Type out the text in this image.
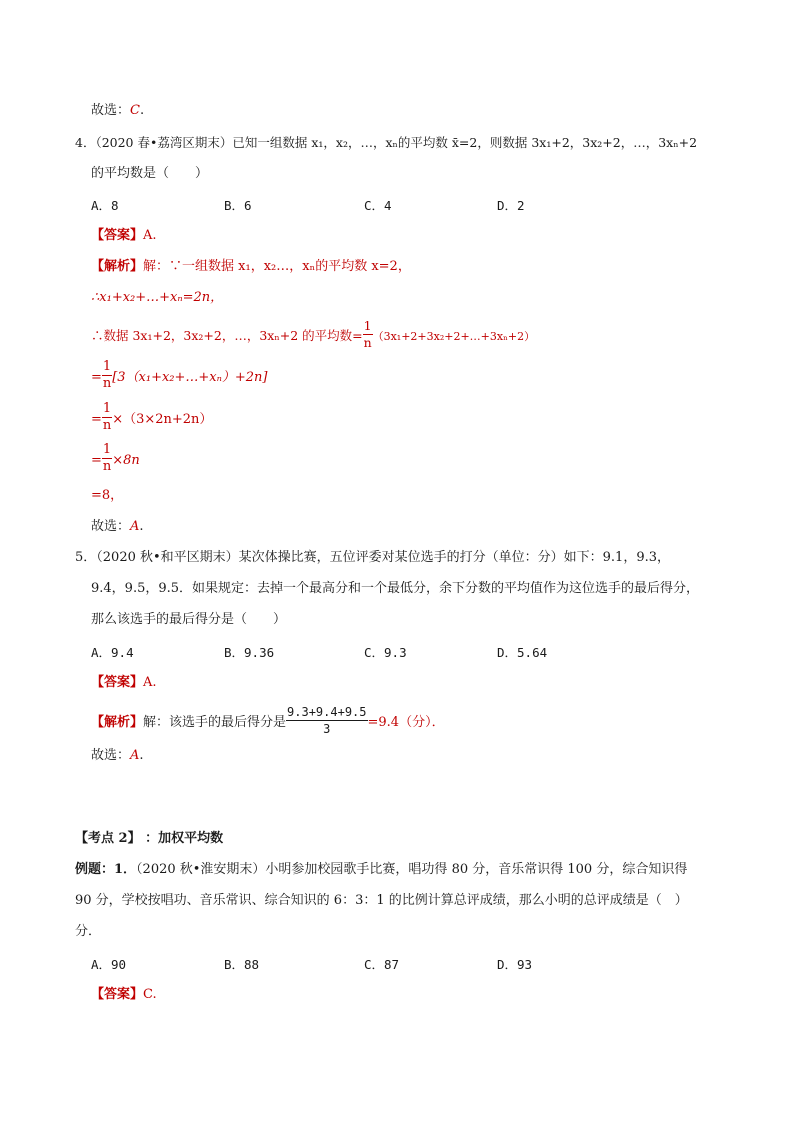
故选：C.
4．（2020 春•荔湾区期末）已知一组数据 x₁，x₂，…，xₙ的平均数 x̄=2，则数据 3x₁+2，3x₂+2，…，3xₙ+2
的平均数是（　　）
A．8	B．6	C．4	D．2
【答案】A.
【解析】解：∵一组数据 x₁，x₂…，xₙ的平均数 x=2，
∴x₁+x₂+…+xₙ=2n，
∴数据 3x₁+2，3x₂+2，…，3xₙ+2 的平均数= $\frac{1}{n}$ （3x₁+2+3x₂+2+…+3xₙ+2）
= $\frac{1}{n}$ [3（x₁+x₂+…+xₙ）+2n]
= $\frac{1}{n} \times(3\times 2n+2n)$
= $\frac{1}{n} \times 8n$
=8，
故选：A.
5．（2020 秋•和平区期末）某次体操比赛，五位评委对某位选手的打分（单位：分）如下：9.1，9.3，
9.4，9.5，9.5．如果规定：去掉一个最高分和一个最低分，余下分数的平均值作为这位选手的最后得分，
那么该选手的最后得分是（　　）
A．9.4	B．9.36	C．9.3	D．5.64
【答案】A.
【解析】解：该选手的最后得分是 $\frac{9.3+9.4+9.5}{3} =9.4$（分）．
故选：A.
【考点 2】 ：加权平均数
例题：1．（2020 秋•淮安期末）小明参加校园歌手比赛，唱功得 80 分，音乐常识得 100 分，综合知识得
90 分，学校按唱功、音乐常识、综合知识的 6：3：1 的比例计算总评成绩，那么小明的总评成绩是（　）
分．
A．90	B．88	C．87	D．93
【答案】C.
